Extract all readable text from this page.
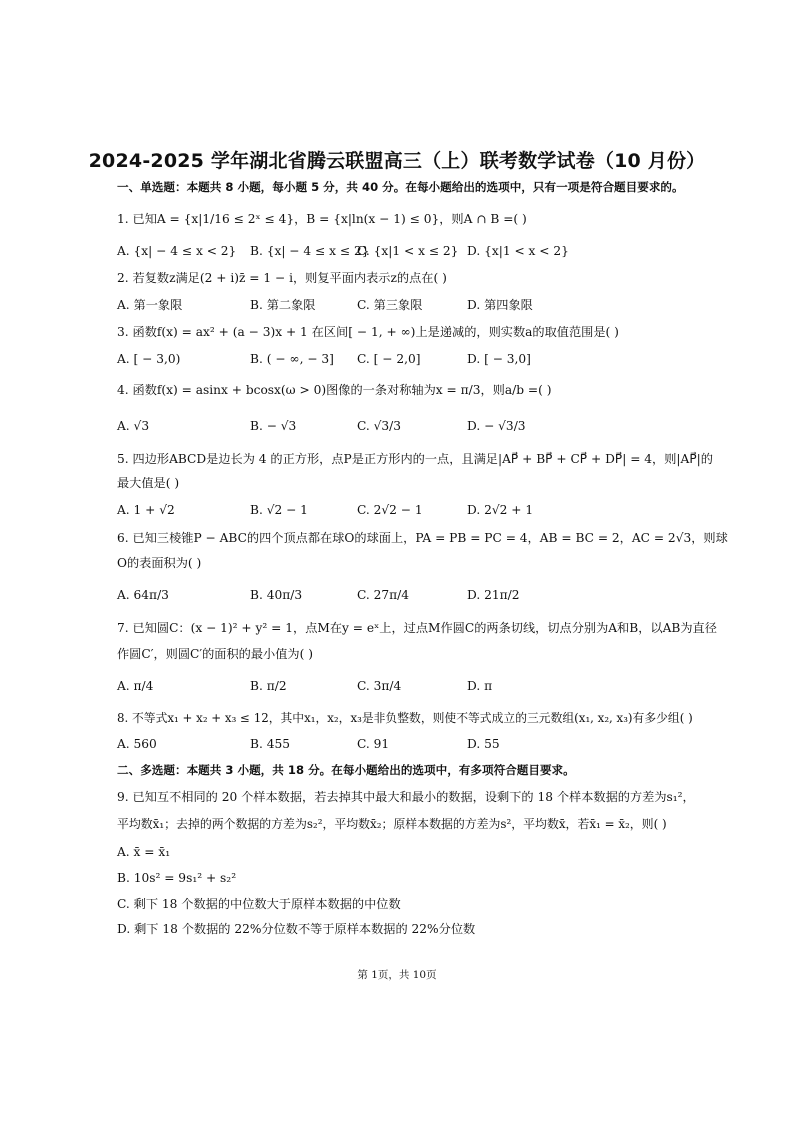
2024-2025 学年湖北省腾云联盟高三（上）联考数学试卷（10 月份）
一、单选题：本题共 8 小题，每小题 5 分，共 40 分。在每小题给出的选项中，只有一项是符合题目要求的。
1. 已知A = {x|1/16 ≤ 2ˣ ≤ 4}，B = {x|ln(x − 1) ≤ 0}，则A ∩ B =( )
A. {x| − 4 ≤ x < 2} B. {x| − 4 ≤ x ≤ 2}
C. {x|1 < x ≤ 2} D. {x|1 < x < 2}
2. 若复数z满足(2 + i)z̄ = 1 − i，则复平面内表示z的点在( )
A. 第一象限	B. 第二象限	C. 第三象限	D. 第四象限
3. 函数f(x) = ax² + (a − 3)x + 1 在区间[ − 1, + ∞)上是递减的，则实数a的取值范围是( )
A. [ − 3,0)	B. ( − ∞, − 3] C. [ − 2,0]	D. [ − 3,0]
4. 函数f(x) = asinx + bcosx(ω > 0)图像的一条对称轴为x = π/3，则a/b =( )
A. √3	B. − √3	C. √3/3	D. − √3/3
5. 四边形ABCD是边长为 4 的正方形，点P是正方形内的一点，且满足|AP⃗ + BP⃗ + CP⃗ + DP⃗| = 4，则|AP⃗|的
最大值是( )
A. 1 + √2	B. √2 − 1	C. 2√2 − 1	D. 2√2 + 1
6. 已知三棱锥P − ABC的四个顶点都在球O的球面上，PA = PB = PC = 4，AB = BC = 2，AC = 2√3，则球
O的表面积为( )
A. 64π/3	B. 40π/3	C. 27π/4	D. 21π/2
7. 已知圆C：(x − 1)² + y² = 1，点M在y = eˣ上，过点M作圆C的两条切线，切点分别为A和B，以AB为直径
作圆C′，则圆C′的面积的最小值为( )
A. π/4	B. π/2	C. 3π/4	D. π
8. 不等式x₁ + x₂ + x₃ ≤ 12，其中x₁，x₂，x₃是非负整数，则使不等式成立的三元数组(x₁, x₂, x₃)有多少组( )
A. 560	B. 455	C. 91	D. 55
二、多选题：本题共 3 小题，共 18 分。在每小题给出的选项中，有多项符合题目要求。
9. 已知互不相同的 20 个样本数据，若去掉其中最大和最小的数据，设剩下的 18 个样本数据的方差为s₁²，
平均数x̄₁；去掉的两个数据的方差为s₂²，平均数x̄₂；原样本数据的方差为s²，平均数x̄，若x̄₁ = x̄₂，则( )
A. x̄ = x̄₁
B. 10s² = 9s₁² + s₂²
C. 剩下 18 个数据的中位数大于原样本数据的中位数
D. 剩下 18 个数据的 22%分位数不等于原样本数据的 22%分位数
第 1页，共 10页
